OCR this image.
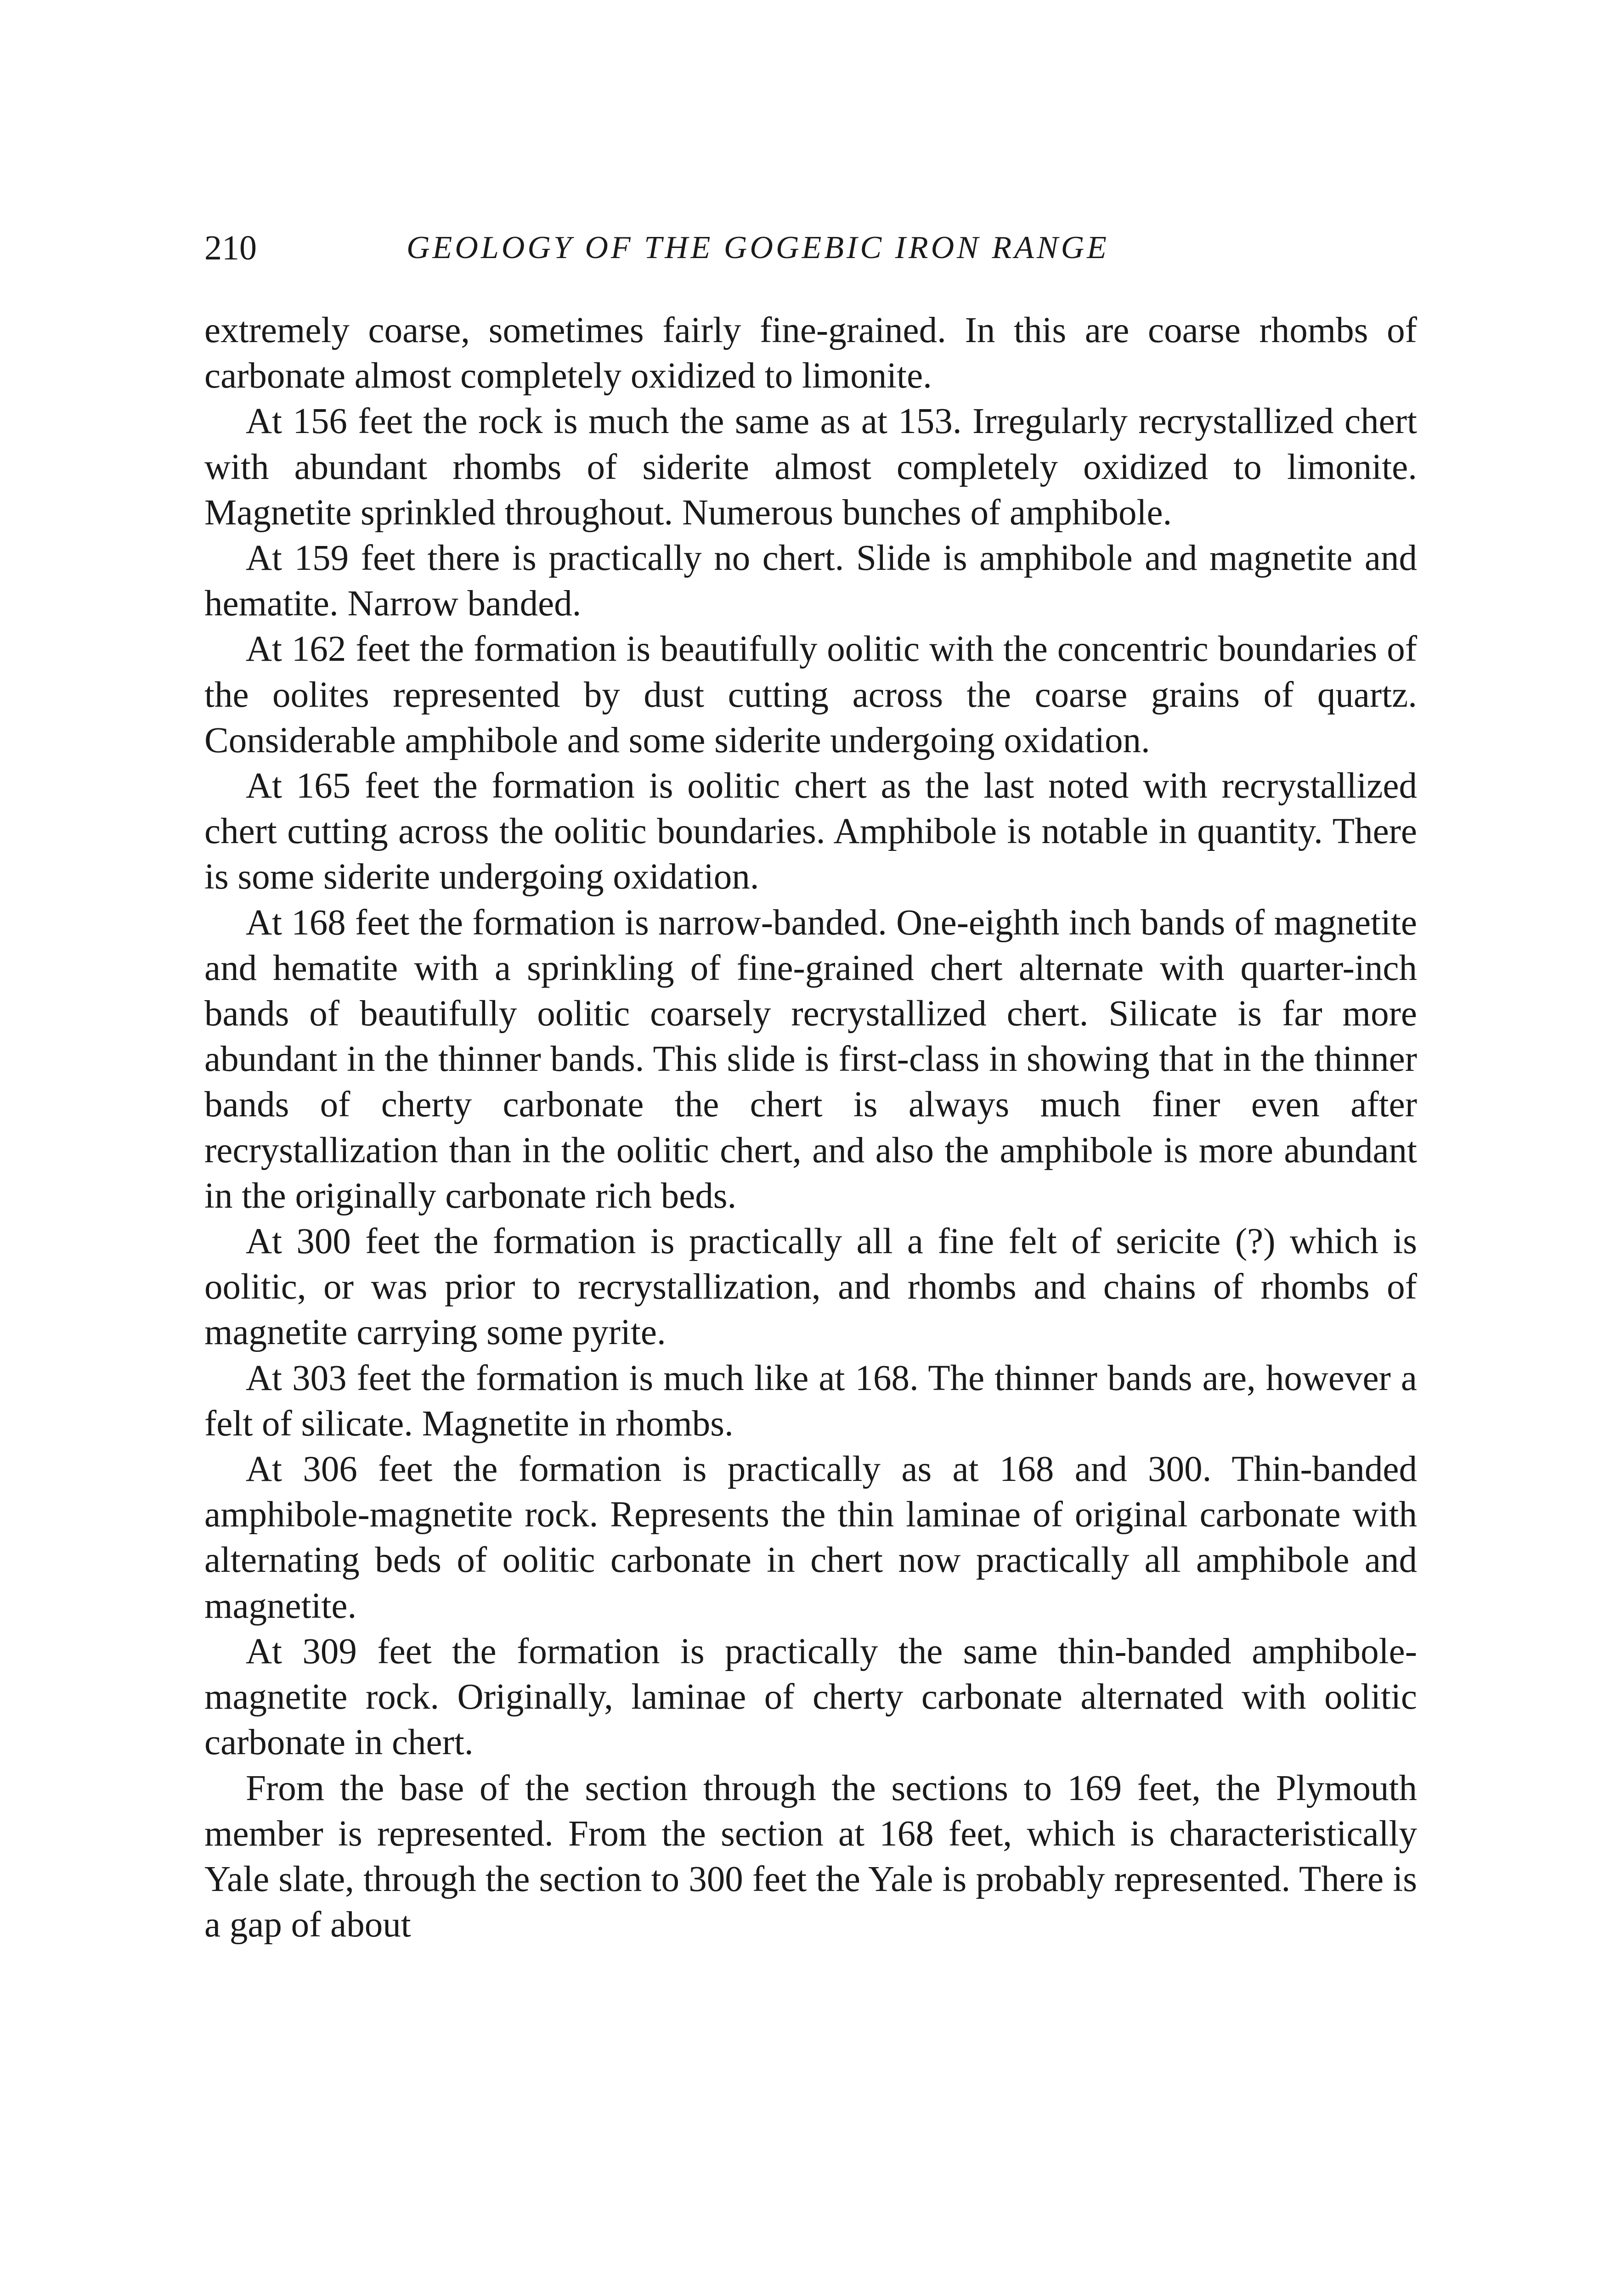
210	GEOLOGY OF THE GOGEBIC IRON RANGE

extremely coarse, sometimes fairly fine-grained. In this are coarse rhombs of carbonate almost completely oxidized to limonite.

At 156 feet the rock is much the same as at 153. Irregularly recrystallized chert with abundant rhombs of siderite almost completely oxidized to limonite. Magnetite sprinkled throughout. Numerous bunches of amphibole.

At 159 feet there is practically no chert. Slide is amphibole and magnetite and hematite. Narrow banded.

At 162 feet the formation is beautifully oolitic with the concentric boundaries of the oolites represented by dust cutting across the coarse grains of quartz. Considerable amphibole and some siderite undergoing oxidation.

At 165 feet the formation is oolitic chert as the last noted with recrystallized chert cutting across the oolitic boundaries. Amphibole is notable in quantity. There is some siderite undergoing oxidation.

At 168 feet the formation is narrow-banded. One-eighth inch bands of magnetite and hematite with a sprinkling of fine-grained chert alternate with quarter-inch bands of beautifully oolitic coarsely recrystallized chert. Silicate is far more abundant in the thinner bands. This slide is first-class in showing that in the thinner bands of cherty carbonate the chert is always much finer even after recrystallization than in the oolitic chert, and also the amphibole is more abundant in the originally carbonate rich beds.

At 300 feet the formation is practically all a fine felt of sericite (?) which is oolitic, or was prior to recrystallization, and rhombs and chains of rhombs of magnetite carrying some pyrite.

At 303 feet the formation is much like at 168. The thinner bands are, however a felt of silicate. Magnetite in rhombs.

At 306 feet the formation is practically as at 168 and 300. Thin-banded amphibole-magnetite rock. Represents the thin laminae of original carbonate with alternating beds of oolitic carbonate in chert now practically all amphibole and magnetite.

At 309 feet the formation is practically the same thin-banded amphibole-magnetite rock. Originally, laminae of cherty carbonate alternated with oolitic carbonate in chert.

From the base of the section through the sections to 169 feet, the Plymouth member is represented. From the section at 168 feet, which is characteristically Yale slate, through the section to 300 feet the Yale is probably represented. There is a gap of about
